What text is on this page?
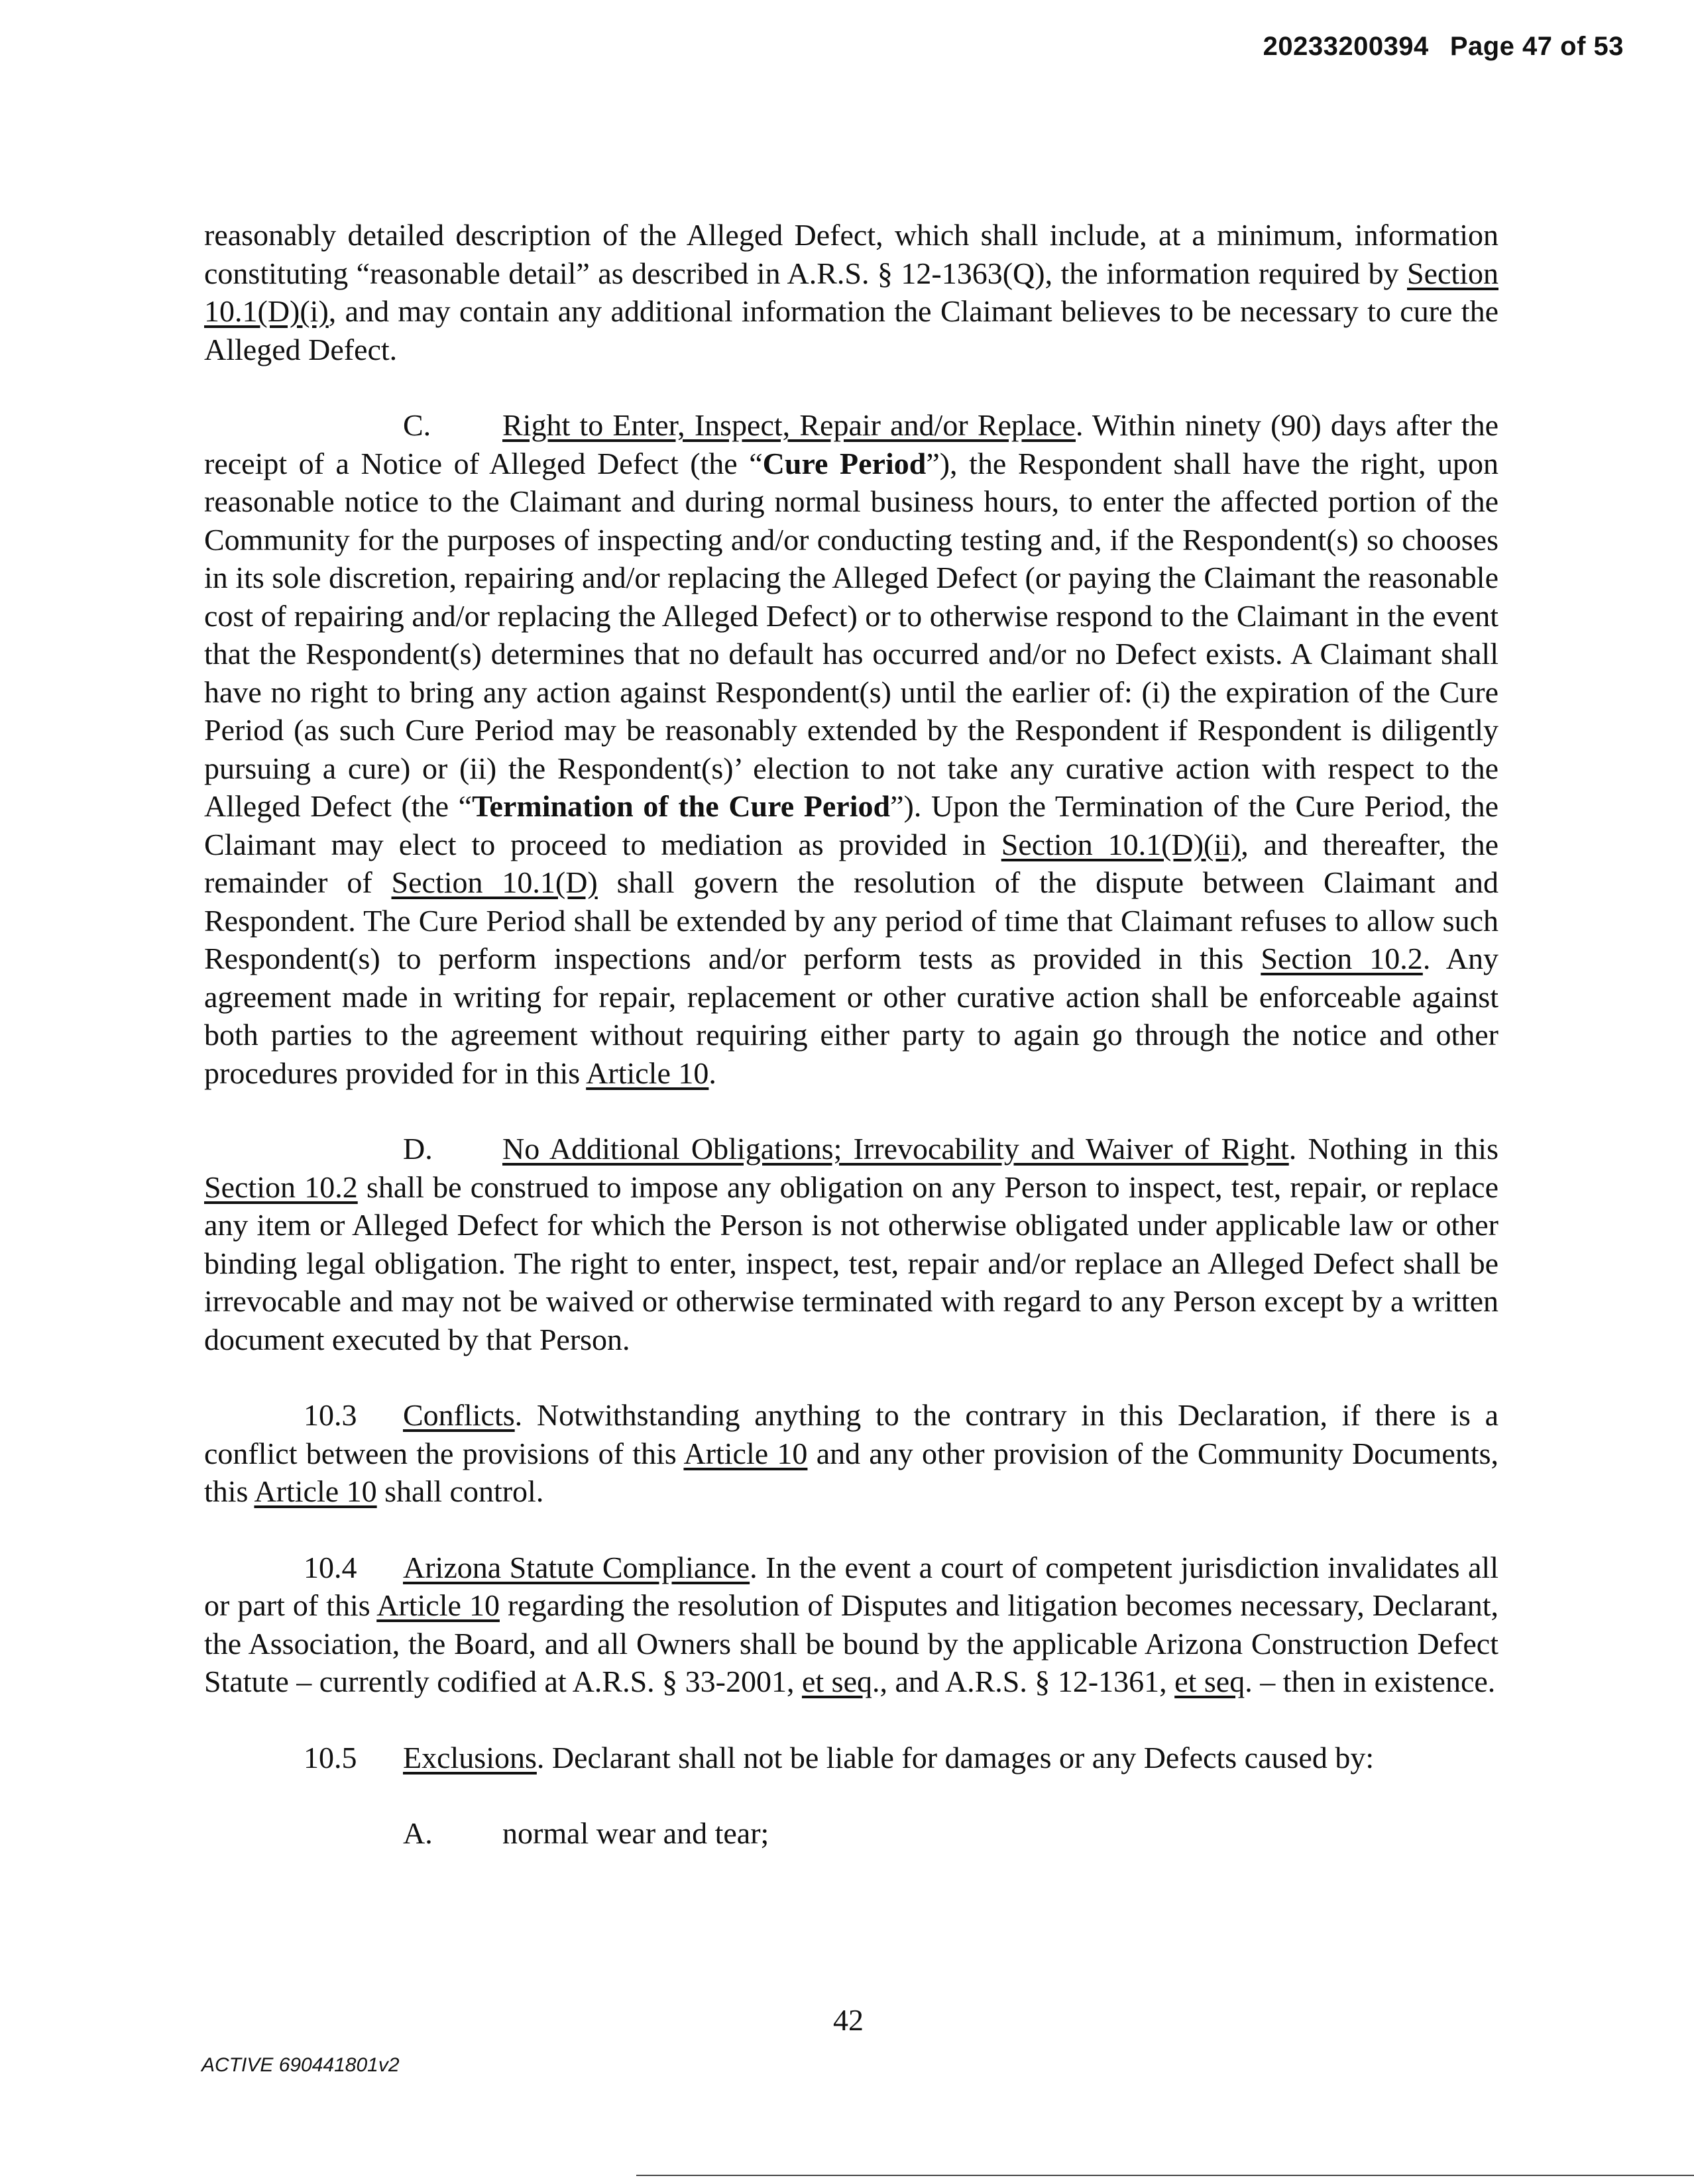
20233200394 Page 47 of 53

reasonably detailed description of the Alleged Defect, which shall include, at a minimum, information constituting “reasonable detail” as described in A.R.S. § 12-1363(Q), the information required by Section 10.1(D)(i), and may contain any additional information the Claimant believes to be necessary to cure the Alleged Defect.

C. Right to Enter, Inspect, Repair and/or Replace. Within ninety (90) days after the receipt of a Notice of Alleged Defect (the “Cure Period”), the Respondent shall have the right, upon reasonable notice to the Claimant and during normal business hours, to enter the affected portion of the Community for the purposes of inspecting and/or conducting testing and, if the Respondent(s) so chooses in its sole discretion, repairing and/or replacing the Alleged Defect (or paying the Claimant the reasonable cost of repairing and/or replacing the Alleged Defect) or to otherwise respond to the Claimant in the event that the Respondent(s) determines that no default has occurred and/or no Defect exists. A Claimant shall have no right to bring any action against Respondent(s) until the earlier of: (i) the expiration of the Cure Period (as such Cure Period may be reasonably extended by the Respondent if Respondent is diligently pursuing a cure) or (ii) the Respondent(s)’ election to not take any curative action with respect to the Alleged Defect (the “Termination of the Cure Period”). Upon the Termination of the Cure Period, the Claimant may elect to proceed to mediation as provided in Section 10.1(D)(ii), and thereafter, the remainder of Section 10.1(D) shall govern the resolution of the dispute between Claimant and Respondent. The Cure Period shall be extended by any period of time that Claimant refuses to allow such Respondent(s) to perform inspections and/or perform tests as provided in this Section 10.2. Any agreement made in writing for repair, replacement or other curative action shall be enforceable against both parties to the agreement without requiring either party to again go through the notice and other procedures provided for in this Article 10.

D. No Additional Obligations; Irrevocability and Waiver of Right. Nothing in this Section 10.2 shall be construed to impose any obligation on any Person to inspect, test, repair, or replace any item or Alleged Defect for which the Person is not otherwise obligated under applicable law or other binding legal obligation. The right to enter, inspect, test, repair and/or replace an Alleged Defect shall be irrevocable and may not be waived or otherwise terminated with regard to any Person except by a written document executed by that Person.

10.3 Conflicts. Notwithstanding anything to the contrary in this Declaration, if there is a conflict between the provisions of this Article 10 and any other provision of the Community Documents, this Article 10 shall control.

10.4 Arizona Statute Compliance. In the event a court of competent jurisdiction invalidates all or part of this Article 10 regarding the resolution of Disputes and litigation becomes necessary, Declarant, the Association, the Board, and all Owners shall be bound by the applicable Arizona Construction Defect Statute – currently codified at A.R.S. § 33-2001, et seq., and A.R.S. § 12-1361, et seq. – then in existence.

10.5 Exclusions. Declarant shall not be liable for damages or any Defects caused by:

A. normal wear and tear;

42
ACTIVE 690441801v2
